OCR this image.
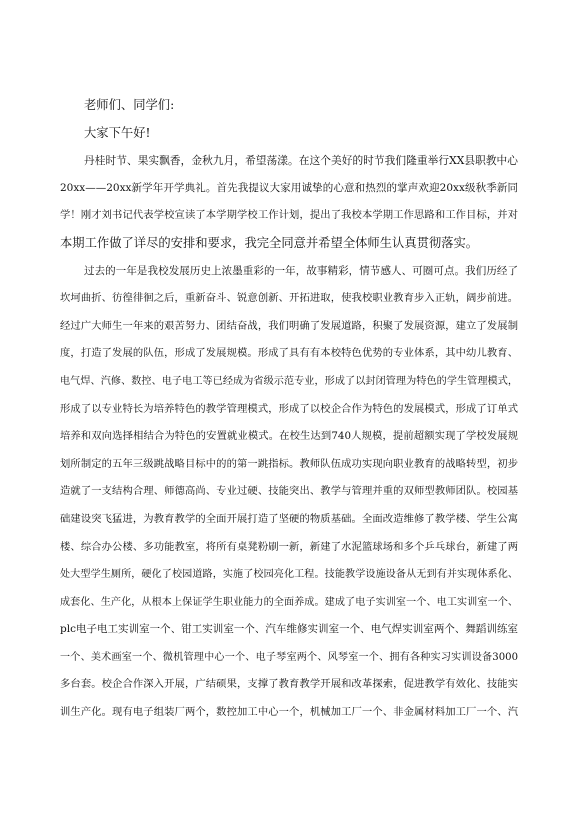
老师们、同学们:
大家下午好!
丹桂时节、果实飘香，金秋九月，希望荡漾。在这个美好的时节我们隆重举行XX县职教中心
20xx——20xx新学年开学典礼。首先我提议大家用诚挚的心意和热烈的掌声欢迎20xx级秋季新同
学！刚才刘书记代表学校宣读了本学期学校工作计划，提出了我校本学期工作思路和工作目标，并对
本期工作做了详尽的安排和要求，我完全同意并希望全体师生认真贯彻落实。
过去的一年是我校发展历史上浓墨重彩的一年，故事精彩，情节感人、可圈可点。我们历经了
坎坷曲折、彷徨徘徊之后，重新奋斗、锐意创新、开拓进取，使我校职业教育步入正轨，阔步前进。
经过广大师生一年来的艰苦努力、团结奋战，我们明确了发展道路，积聚了发展资源，建立了发展制
度，打造了发展的队伍，形成了发展规模。形成了具有有本校特色优势的专业体系，其中幼儿教育、
电气焊、汽修、数控、电子电工等已经成为省级示范专业，形成了以封闭管理为特色的学生管理模式，
形成了以专业特长为培养特色的教学管理模式，形成了以校企合作为特色的发展模式，形成了订单式
培养和双向选择相结合为特色的安置就业模式。在校生达到740人规模，提前超额实现了学校发展规
划所制定的五年三级跳战略目标中的的第一跳指标。教师队伍成功实现向职业教育的战略转型，初步
造就了一支结构合理、师德高尚、专业过硬、技能突出、教学与管理并重的双师型教师团队。校园基
础建设突飞猛进，为教育教学的全面开展打造了坚硬的物质基础。全面改造维修了教学楼、学生公寓
楼、综合办公楼、多功能教室，将所有桌凳粉刷一新，新建了水泥篮球场和多个乒乓球台，新建了两
处大型学生厕所，硬化了校园道路，实施了校园亮化工程。技能教学设施设备从无到有并实现体系化、
成套化、生产化，从根本上保证学生职业能力的全面养成。建成了电子实训室一个、电工实训室一个、
plc电子电工实训室一个、钳工实训室一个、汽车维修实训室一个、电气焊实训室两个、舞蹈训练室
一个、美术画室一个、微机管理中心一个、电子琴室两个、风琴室一个、拥有各种实习实训设备3000
多台套。校企合作深入开展，广结硕果，支撑了教育教学开展和改革探索，促进教学有效化、技能实
训生产化。现有电子组装厂两个，数控加工中心一个，机械加工厂一个、非金属材料加工厂一个、汽
